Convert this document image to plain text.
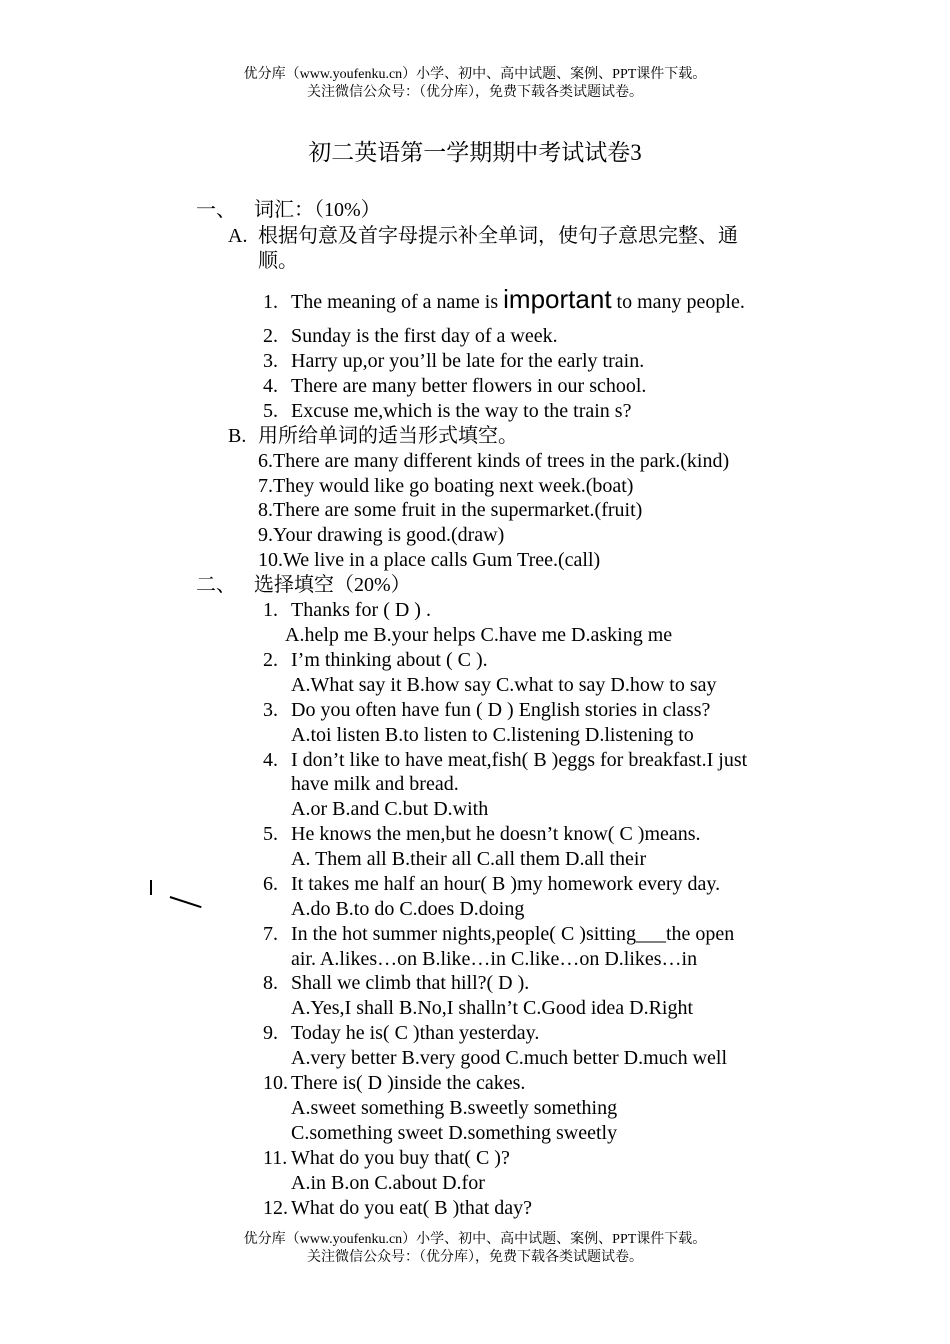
优分库（www.youfenku.cn）小学、初中、高中试题、案例、PPT课件下载。
关注微信公众号：（优分库），免费下载各类试题试卷。
初二英语第一学期期中考试试卷3
一、 词汇：（10%）
A. 根据句意及首字母提示补全单词，使句子意思完整、通
顺。
1. The meaning of a name is important to many people.
2. Sunday is the first day of a week.
3. Harry up,or you’ll be late for the early train.
4. There are many better flowers in our school.
5. Excuse me,which is the way to the train s?
B. 用所给单词的适当形式填空。
6.There are many different kinds of trees in the park.(kind)
7.They would like go boating next week.(boat)
8.There are some fruit in the supermarket.(fruit)
9.Your drawing is good.(draw)
10.We live in a place calls Gum Tree.(call)
二、 选择填空（20%）
1. Thanks for ( D ) .
A.help me B.your helps C.have me D.asking me
2. I’m thinking about ( C ).
A.What say it B.how say C.what to say D.how to say
3. Do you often have fun ( D ) English stories in class?
A.toi listen B.to listen to C.listening D.listening to
4. I don’t like to have meat,fish( B )eggs for breakfast.I just
have milk and bread.
A.or B.and C.but D.with
5. He knows the men,but he doesn’t know( C )means.
A. Them all B.their all C.all them D.all their
6. It takes me half an hour( B )my homework every day.
A.do B.to do C.does D.doing
7. In the hot summer nights,people( C )sitting___the open
air. A.likes…on B.like…in C.like…on D.likes…in
8. Shall we climb that hill?( D ).
A.Yes,I shall B.No,I shalln’t C.Good idea D.Right
9. Today he is( C )than yesterday.
A.very better B.very good C.much better D.much well
10. There is( D )inside the cakes.
A.sweet something B.sweetly something
C.something sweet D.something sweetly
11. What do you buy that( C )?
A.in B.on C.about D.for
12. What do you eat( B )that day?
优分库（www.youfenku.cn）小学、初中、高中试题、案例、PPT课件下载。
关注微信公众号：（优分库），免费下载各类试题试卷。
